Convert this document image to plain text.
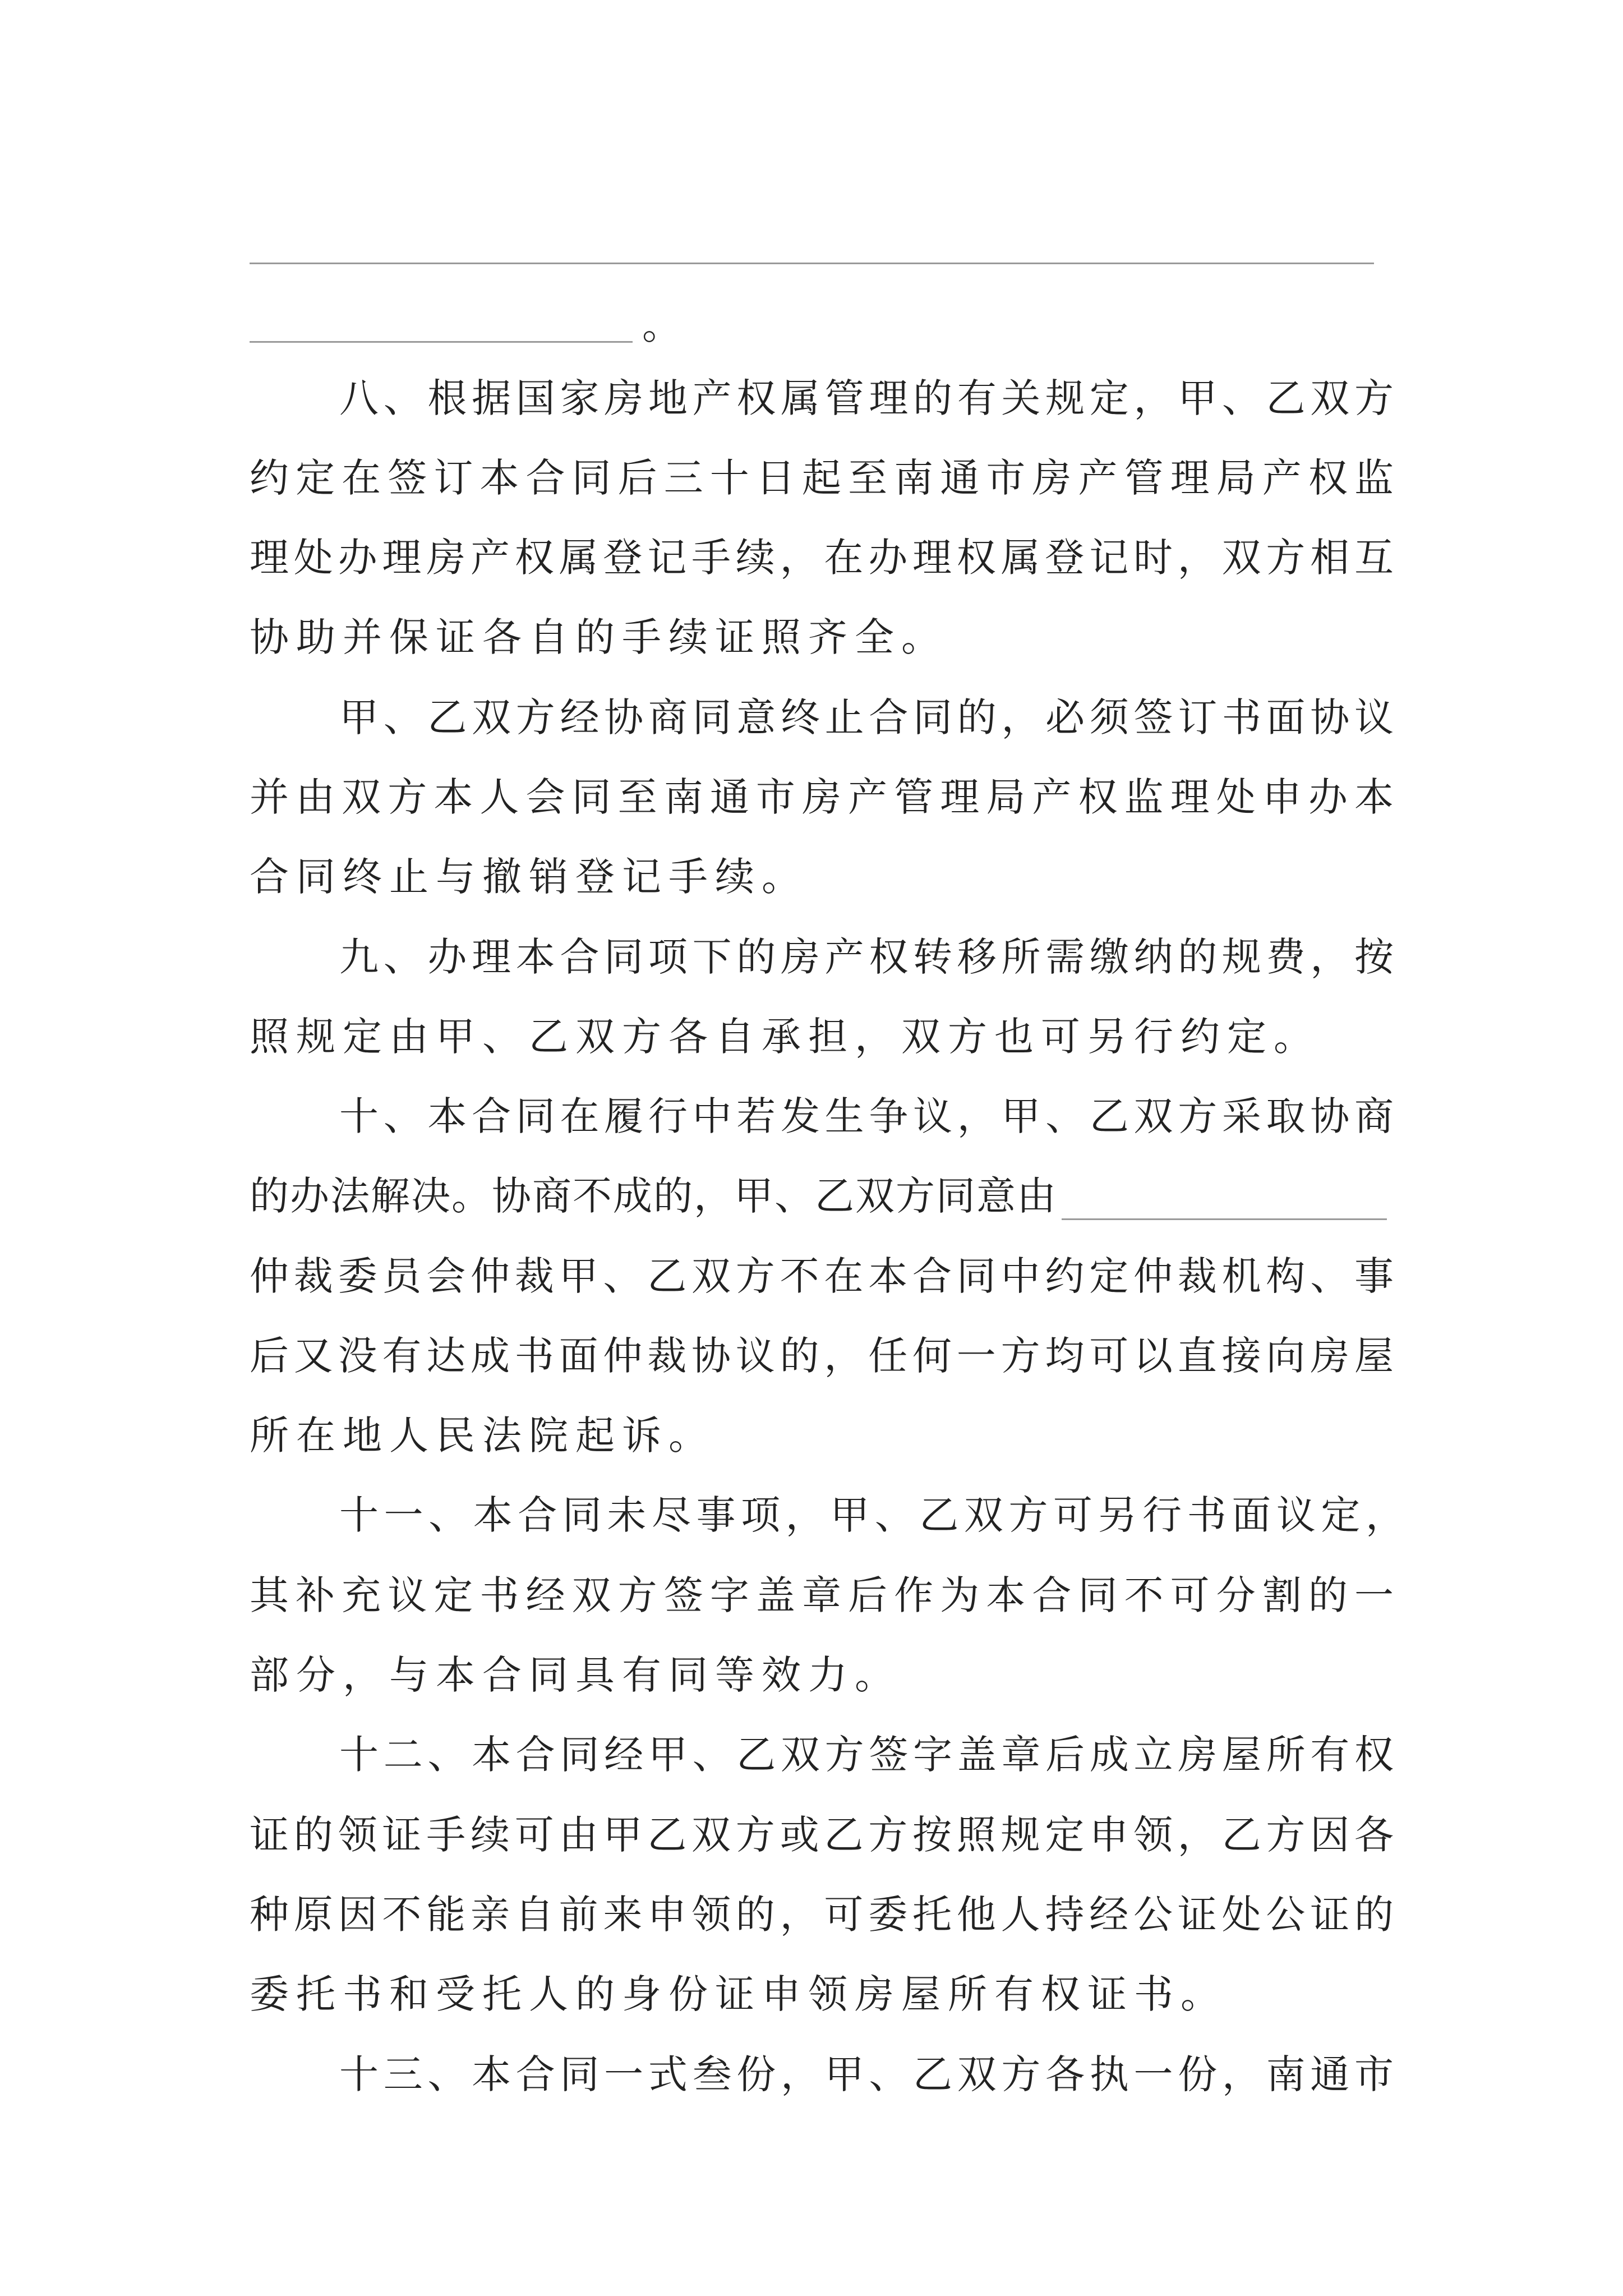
。
八、根据国家房地产权属管理的有关规定，甲、乙双方
约定在签订本合同后三十日起至南通市房产管理局产权监
理处办理房产权属登记手续，在办理权属登记时，双方相互
协助并保证各自的手续证照齐全。
甲、乙双方经协商同意终止合同的，必须签订书面协议
并由双方本人会同至南通市房产管理局产权监理处申办本
合同终止与撤销登记手续。
九、办理本合同项下的房产权转移所需缴纳的规费，按
照规定由甲、乙双方各自承担，双方也可另行约定。
十、本合同在履行中若发生争议，甲、乙双方采取协商
的办法解决。协商不成的，甲、乙双方同意由
仲裁委员会仲裁甲、乙双方不在本合同中约定仲裁机构、事
后又没有达成书面仲裁协议的，任何一方均可以直接向房屋
所在地人民法院起诉。
十一、本合同未尽事项，甲、乙双方可另行书面议定，
其补充议定书经双方签字盖章后作为本合同不可分割的一
部分，与本合同具有同等效力。
十二、本合同经甲、乙双方签字盖章后成立房屋所有权
证的领证手续可由甲乙双方或乙方按照规定申领，乙方因各
种原因不能亲自前来申领的，可委托他人持经公证处公证的
委托书和受托人的身份证申领房屋所有权证书。
十三、本合同一式叁份，甲、乙双方各执一份，南通市
